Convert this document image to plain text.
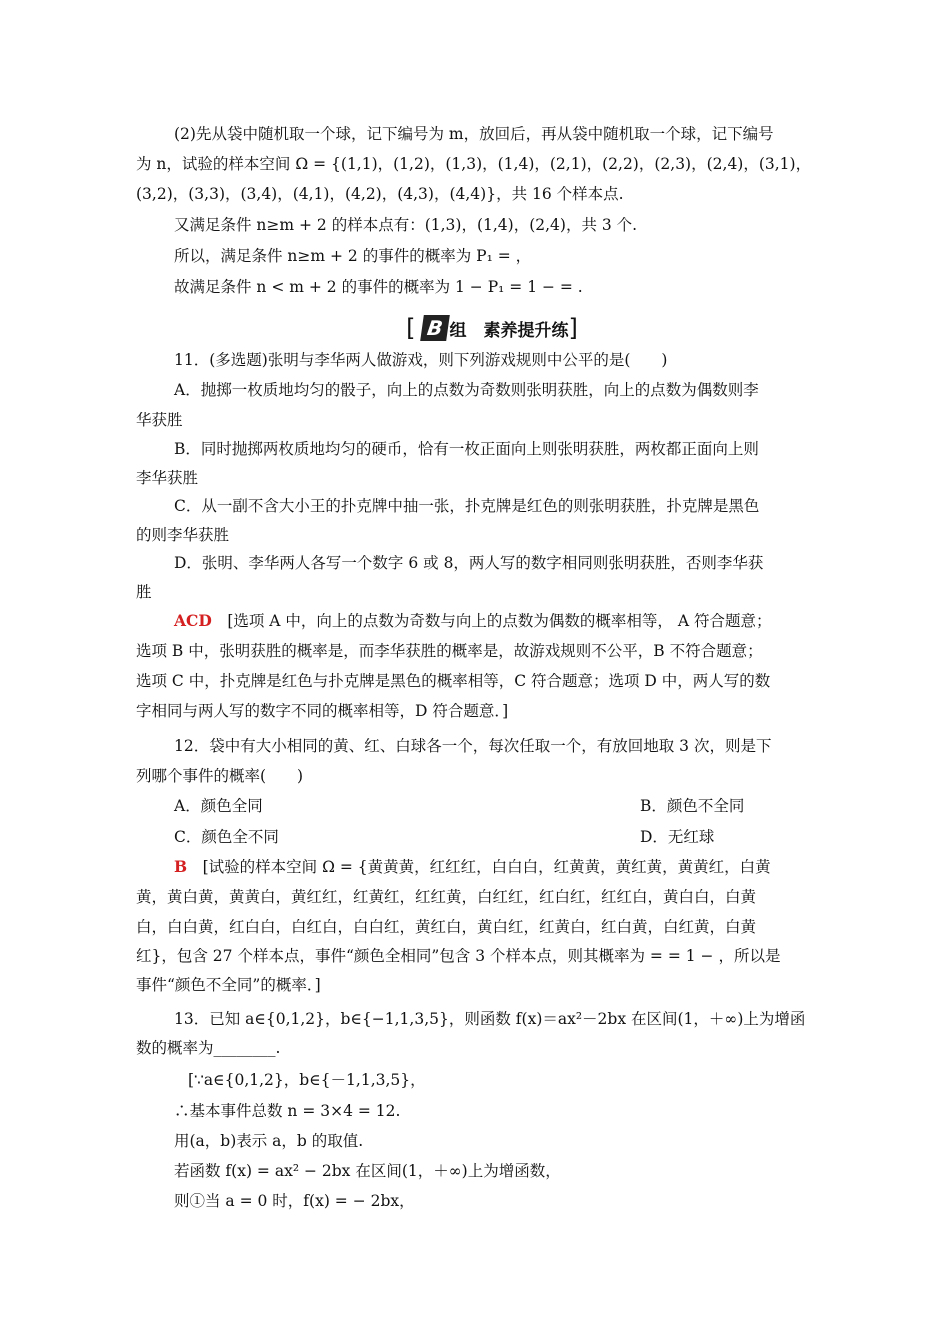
(2)先从袋中随机取一个球，记下编号为 m，放回后，再从袋中随机取一个球，记下编号
为 n，试验的样本空间 Ω = {(1,1)，(1,2)，(1,3)，(1,4)，(2,1)，(2,2)，(2,3)，(2,4)，(3,1)，
(3,2)，(3,3)，(3,4)，(4,1)，(4,2)，(4,3)，(4,4)}，共 16 个样本点.
又满足条件 n≥m + 2 的样本点有：(1,3)，(1,4)，(2,4)，共 3 个.
所以，满足条件 n≥m + 2 的事件的概率为 P₁ = ，
故满足条件 n < m + 2 的事件的概率为 1 − P₁ = 1 − = .
[ B 组　素养提升练 ]
11．(多选题)张明与李华两人做游戏，则下列游戏规则中公平的是(　　)
A．抛掷一枚质地均匀的骰子，向上的点数为奇数则张明获胜，向上的点数为偶数则李
华获胜
B．同时抛掷两枚质地均匀的硬币，恰有一枚正面向上则张明获胜，两枚都正面向上则
李华获胜
C．从一副不含大小王的扑克牌中抽一张，扑克牌是红色的则张明获胜，扑克牌是黑色
的则李华获胜
D．张明、李华两人各写一个数字 6 或 8，两人写的数字相同则张明获胜，否则李华获
胜
ACD　[选项 A 中，向上的点数为奇数与向上的点数为偶数的概率相等， A 符合题意；
选项 B 中，张明获胜的概率是，而李华获胜的概率是，故游戏规则不公平，B 不符合题意；
选项 C 中，扑克牌是红色与扑克牌是黑色的概率相等，C 符合题意；选项 D 中，两人写的数
字相同与两人写的数字不同的概率相等，D 符合题意．]
12．袋中有大小相同的黄、红、白球各一个，每次任取一个，有放回地取 3 次，则是下
列哪个事件的概率(　　)
A．颜色全同	B．颜色不全同
C．颜色全不同	D．无红球
B　[试验的样本空间 Ω = {黄黄黄，红红红，白白白，红黄黄，黄红黄，黄黄红，白黄
黄，黄白黄，黄黄白，黄红红，红黄红，红红黄，白红红，红白红，红红白，黄白白，白黄
白，白白黄，红白白，白红白，白白红，黄红白，黄白红，红黄白，红白黄，白红黄，白黄
红}，包含 27 个样本点，事件“颜色全相同”包含 3 个样本点，则其概率为 = = 1 − ，所以是
事件“颜色不全同”的概率．]
13．已知 a∈{0,1,2}，b∈{−1,1,3,5}，则函数 f(x)＝ax²－2bx 在区间(1，＋∞)上为增函
数的概率为________.
[∵a∈{0,1,2}，b∈{－1,1,3,5}，
∴基本事件总数 n = 3×4 = 12.
用(a，b)表示 a，b 的取值.
若函数 f(x) = ax² − 2bx 在区间(1，＋∞)上为增函数，
则①当 a = 0 时，f(x) = − 2bx，
